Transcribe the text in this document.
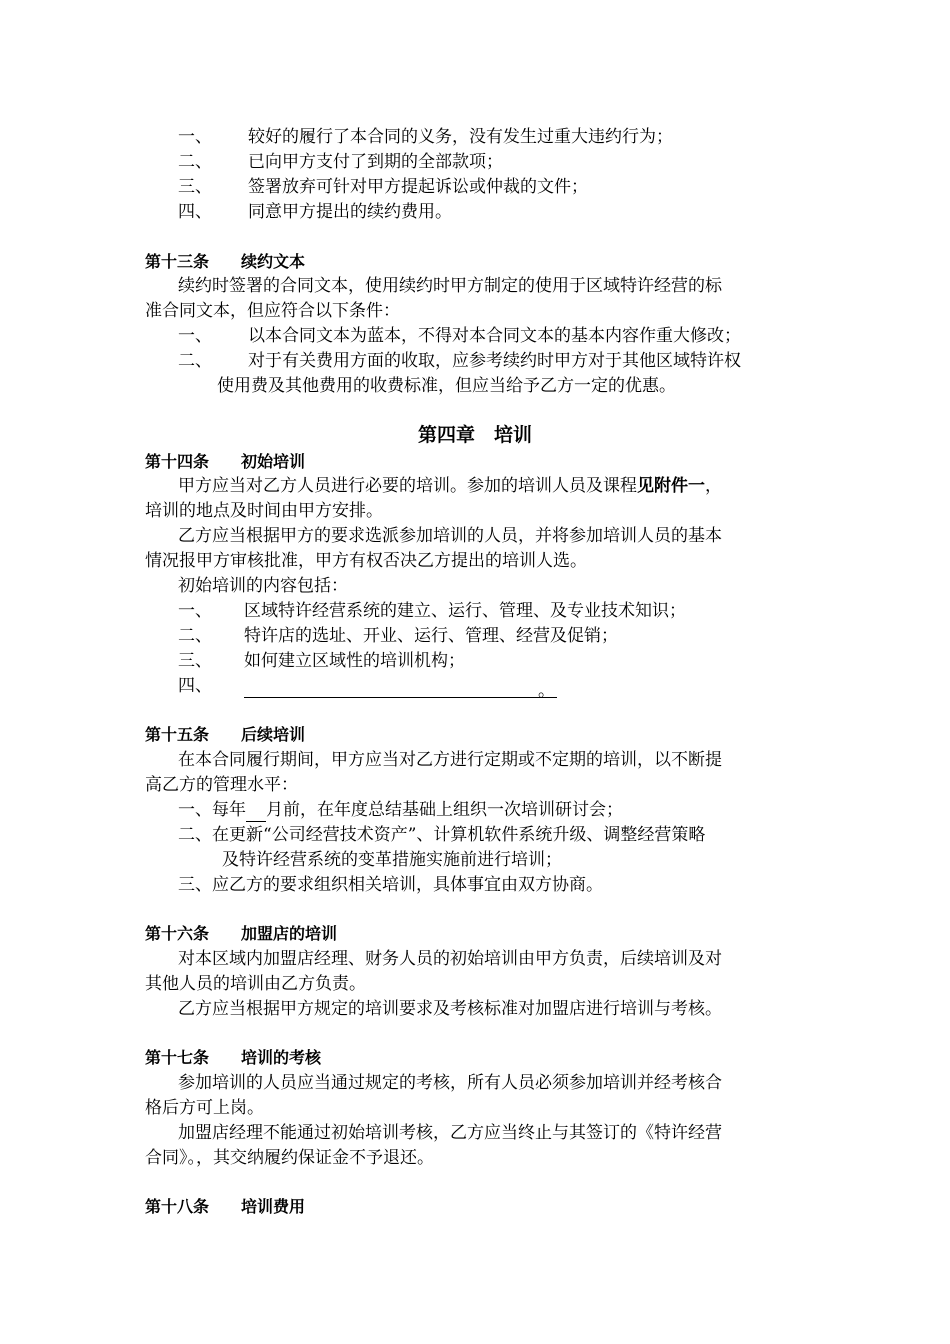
一、 较好的履行了本合同的义务，没有发生过重大违约行为；
二、 已向甲方支付了到期的全部款项；
三、 签署放弃可针对甲方提起诉讼或仲裁的文件；
四、 同意甲方提出的续约费用。
第十三条 续约文本
续约时签署的合同文本，使用续约时甲方制定的使用于区域特许经营的标
准合同文本，但应符合以下条件：
一、 以本合同文本为蓝本，不得对本合同文本的基本内容作重大修改；
二、 对于有关费用方面的收取，应参考续约时甲方对于其他区域特许权
使用费及其他费用的收费标准，但应当给予乙方一定的优惠。
第四章　培训
第十四条 初始培训
甲方应当对乙方人员进行必要的培训。参加的培训人员及课程见附件一，
培训的地点及时间由甲方安排。
乙方应当根据甲方的要求选派参加培训的人员，并将参加培训人员的基本
情况报甲方审核批准，甲方有权否决乙方提出的培训人选。
初始培训的内容包括：
一、 区域特许经营系统的建立、运行、管理、及专业技术知识；
二、 特许店的选址、开业、运行、管理、经营及促销；
三、 如何建立区域性的培训机构；
四、	。
第十五条 后续培训
在本合同履行期间，甲方应当对乙方进行定期或不定期的培训，以不断提
高乙方的管理水平：
一、每年 月前，在年度总结基础上组织一次培训研讨会；
二、在更新“公司经营技术资产”、计算机软件系统升级、调整经营策略
及特许经营系统的变革措施实施前进行培训；
三、应乙方的要求组织相关培训，具体事宜由双方协商。
第十六条 加盟店的培训
对本区域内加盟店经理、财务人员的初始培训由甲方负责，后续培训及对
其他人员的培训由乙方负责。
乙方应当根据甲方规定的培训要求及考核标准对加盟店进行培训与考核。
第十七条 培训的考核
参加培训的人员应当通过规定的考核，所有人员必须参加培训并经考核合
格后方可上岗。
加盟店经理不能通过初始培训考核，乙方应当终止与其签订的《特许经营
合同》。，其交纳履约保证金不予退还。
第十八条 培训费用
